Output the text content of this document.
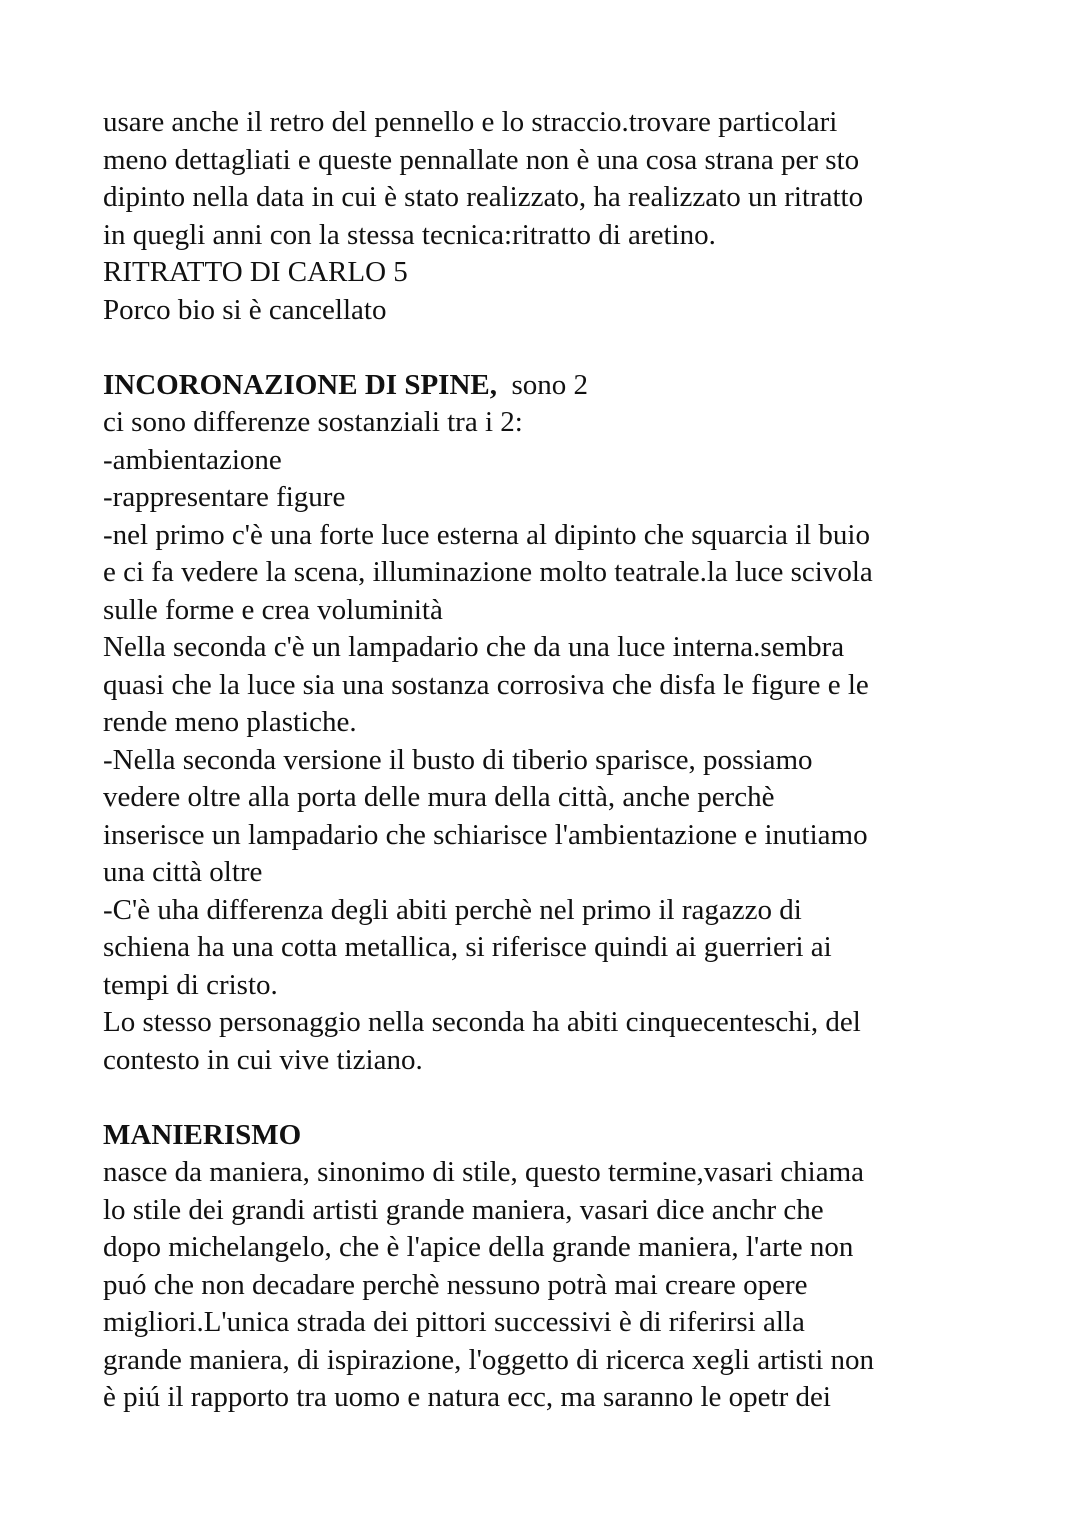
usare anche il retro del pennello e lo straccio.trovare particolari
meno dettagliati e queste pennallate non è una cosa strana per sto
dipinto nella data in cui è stato realizzato, ha realizzato un ritratto
in quegli anni con la stessa tecnica:ritratto di aretino.
RITRATTO DI CARLO 5
Porco bio si è cancellato
INCORONAZIONE DI SPINE,  sono 2
ci sono differenze sostanziali tra i 2:
-ambientazione
-rappresentare figure
-nel primo c'è una forte luce esterna al dipinto che squarcia il buio
e ci fa vedere la scena, illuminazione molto teatrale.la luce scivola
sulle forme e crea voluminità
Nella seconda c'è un lampadario che da una luce interna.sembra
quasi che la luce sia una sostanza corrosiva che disfa le figure e le
rende meno plastiche.
-Nella seconda versione il busto di tiberio sparisce, possiamo
vedere oltre alla porta delle mura della città, anche perchè
inserisce un lampadario che schiarisce l'ambientazione e inutiamo
una città oltre
-C'è uha differenza degli abiti perchè nel primo il ragazzo di
schiena ha una cotta metallica, si riferisce quindi ai guerrieri ai
tempi di cristo.
Lo stesso personaggio nella seconda ha abiti cinquecenteschi, del
contesto in cui vive tiziano.
MANIERISMO
nasce da maniera, sinonimo di stile, questo termine,vasari chiama
lo stile dei grandi artisti grande maniera, vasari dice anchr che
dopo michelangelo, che è l'apice della grande maniera, l'arte non
puó che non decadare perchè nessuno potrà mai creare opere
migliori.L'unica strada dei pittori successivi è di riferirsi alla
grande maniera, di ispirazione, l'oggetto di ricerca xegli artisti non
è piú il rapporto tra uomo e natura ecc, ma saranno le opetr dei
